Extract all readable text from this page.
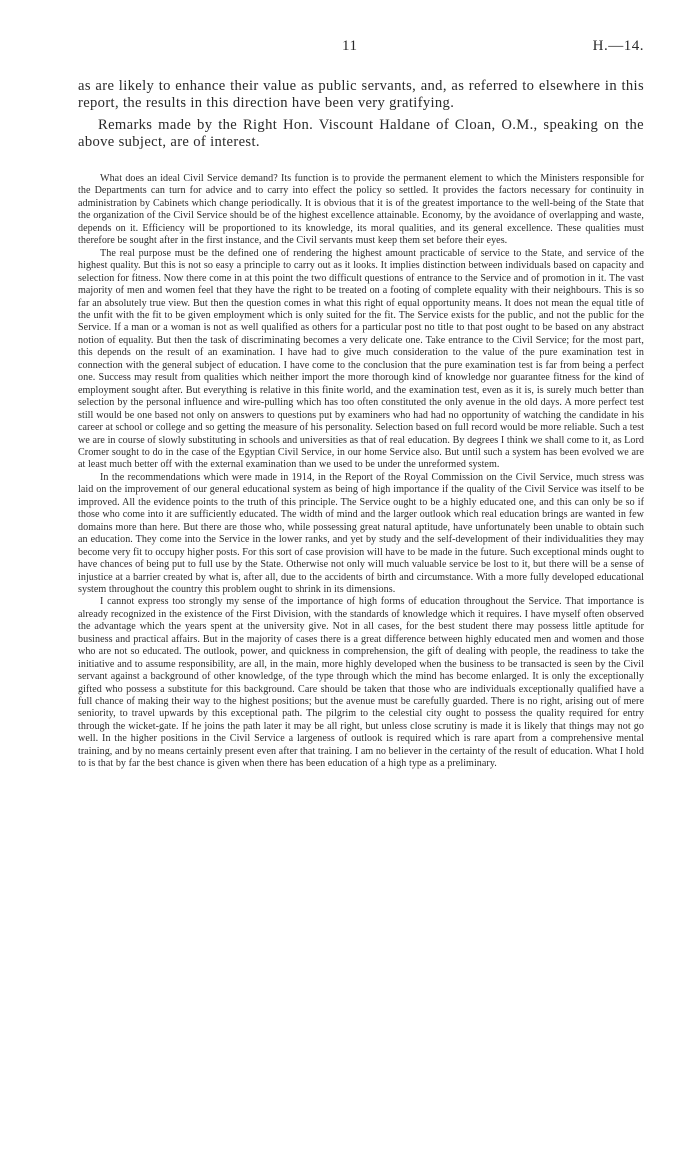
11	H.—14.

as are likely to enhance their value as public servants, and, as referred to elsewhere in this report, the results in this direction have been very gratifying.

Remarks made by the Right Hon. Viscount Haldane of Cloan, O.M., speaking on the above subject, are of interest.

What does an ideal Civil Service demand? Its function is to provide the permanent element to which the Ministers responsible for the Departments can turn for advice and to carry into effect the policy so settled. It provides the factors necessary for continuity in administration by Cabinets which change periodically. It is obvious that it is of the greatest importance to the well-being of the State that the organization of the Civil Service should be of the highest excellence attainable. Economy, by the avoidance of overlapping and waste, depends on it. Efficiency will be proportioned to its knowledge, its moral qualities, and its general excellence. These qualities must therefore be sought after in the first instance, and the Civil servants must keep them set before their eyes.

The real purpose must be the defined one of rendering the highest amount practicable of service to the State, and service of the highest quality. But this is not so easy a principle to carry out as it looks. It implies distinction between individuals based on capacity and selection for fitness. Now there come in at this point the two difficult questions of entrance to the Service and of promotion in it. The vast majority of men and women feel that they have the right to be treated on a footing of complete equality with their neighbours. This is so far an absolutely true view. But then the question comes in what this right of equal opportunity means. It does not mean the equal title of the unfit with the fit to be given employment which is only suited for the fit. The Service exists for the public, and not the public for the Service. If a man or a woman is not as well qualified as others for a particular post no title to that post ought to be based on any abstract notion of equality. But then the task of discriminating becomes a very delicate one. Take entrance to the Civil Service; for the most part, this depends on the result of an examination. I have had to give much consideration to the value of the pure examination test in connection with the general subject of education. I have come to the conclusion that the pure examination test is far from being a perfect one. Success may result from qualities which neither import the more thorough kind of knowledge nor guarantee fitness for the kind of employment sought after. But everything is relative in this finite world, and the examination test, even as it is, is surely much better than selection by the personal influence and wire-pulling which has too often constituted the only avenue in the old days. A more perfect test still would be one based not only on answers to questions put by examiners who had had no opportunity of watching the candidate in his career at school or college and so getting the measure of his personality. Selection based on full record would be more reliable. Such a test we are in course of slowly substituting in schools and universities as that of real education. By degrees I think we shall come to it, as Lord Cromer sought to do in the case of the Egyptian Civil Service, in our home Service also. But until such a system has been evolved we are at least much better off with the external examination than we used to be under the unreformed system.

In the recommendations which were made in 1914, in the Report of the Royal Commission on the Civil Service, much stress was laid on the improvement of our general educational system as being of high importance if the quality of the Civil Service was itself to be improved. All the evidence points to the truth of this principle. The Service ought to be a highly educated one, and this can only be so if those who come into it are sufficiently educated. The width of mind and the larger outlook which real education brings are wanted in few domains more than here. But there are those who, while possessing great natural aptitude, have unfortunately been unable to obtain such an education. They come into the Service in the lower ranks, and yet by study and the self-development of their individualities they may become very fit to occupy higher posts. For this sort of case provision will have to be made in the future. Such exceptional minds ought to have chances of being put to full use by the State. Otherwise not only will much valuable service be lost to it, but there will be a sense of injustice at a barrier created by what is, after all, due to the accidents of birth and circumstance. With a more fully developed educational system throughout the country this problem ought to shrink in its dimensions.

I cannot express too strongly my sense of the importance of high forms of education throughout the Service. That importance is already recognized in the existence of the First Division, with the standards of knowledge which it requires. I have myself often observed the advantage which the years spent at the university give. Not in all cases, for the best student there may possess little aptitude for business and practical affairs. But in the majority of cases there is a great difference between highly educated men and women and those who are not so educated. The outlook, power, and quickness in comprehension, the gift of dealing with people, the readiness to take the initiative and to assume responsibility, are all, in the main, more highly developed when the business to be transacted is seen by the Civil servant against a background of other knowledge, of the type through which the mind has become enlarged. It is only the exceptionally gifted who possess a substitute for this background. Care should be taken that those who are individuals exceptionally qualified have a full chance of making their way to the highest positions; but the avenue must be carefully guarded. There is no right, arising out of mere seniority, to travel upwards by this exceptional path. The pilgrim to the celestial city ought to possess the quality required for entry through the wicket-gate. If he joins the path later it may be all right, but unless close scrutiny is made it is likely that things may not go well. In the higher positions in the Civil Service a largeness of outlook is required which is rare apart from a comprehensive mental training, and by no means certainly present even after that training. I am no believer in the certainty of the result of education. What I hold to is that by far the best chance is given when there has been education of a high type as a preliminary.
